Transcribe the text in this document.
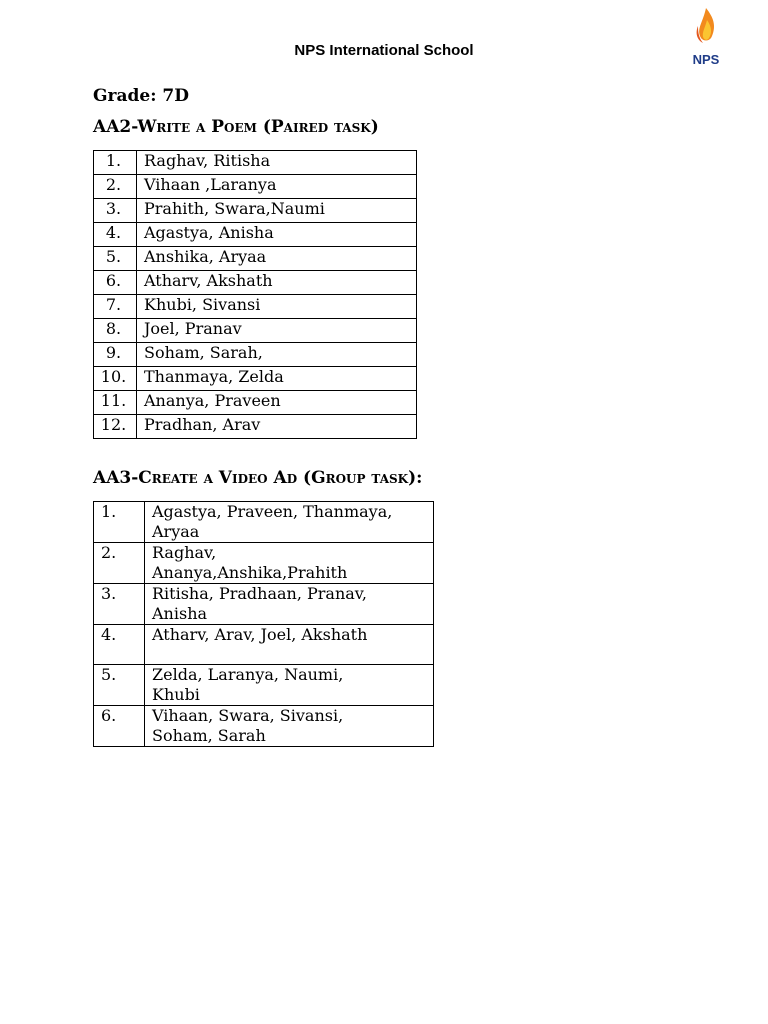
NPS International School
NPS
Grade: 7D
AA2-Write a Poem (Paired task)
1.	Raghav, Ritisha
2.	Vihaan ,Laranya
3.	Prahith, Swara,Naumi
4.	Agastya, Anisha
5.	Anshika, Aryaa
6.	Atharv, Akshath
7.	Khubi, Sivansi
8.	Joel, Pranav
9.	Soham, Sarah,
10.	Thanmaya, Zelda
11.	Ananya, Praveen
12.	Pradhan, Arav
AA3-Create a Video Ad (Group task):
1.	Agastya, Praveen, Thanmaya,
Aryaa
2.	Raghav,
Ananya,Anshika,Prahith
3.	Ritisha, Pradhaan, Pranav,
Anisha
4.	Atharv, Arav, Joel, Akshath

5.	Zelda, Laranya, Naumi,
Khubi
6.	Vihaan, Swara, Sivansi,
Soham, Sarah
